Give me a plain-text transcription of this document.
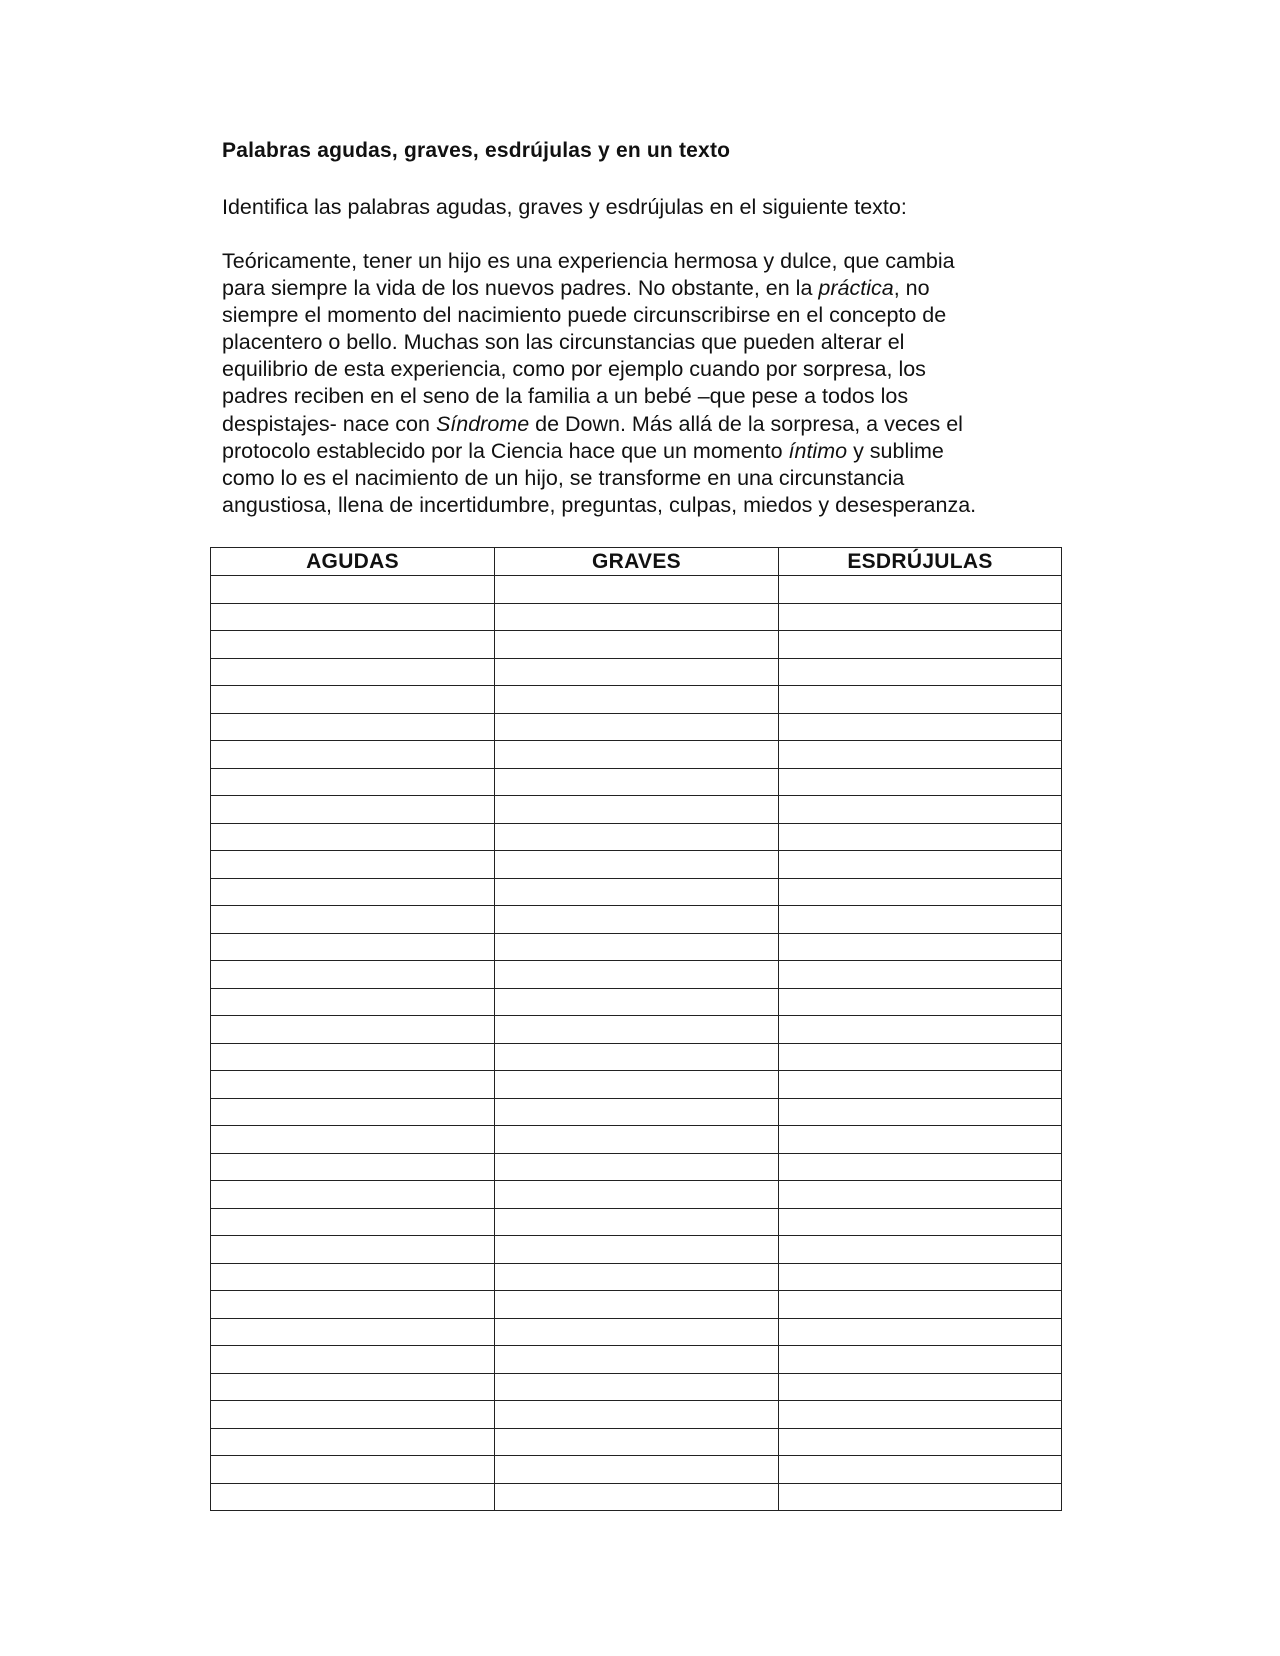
Palabras agudas, graves, esdrújulas y en un texto
Identifica las palabras agudas, graves y esdrújulas en el siguiente texto:
Teóricamente, tener un hijo es una experiencia hermosa y dulce, que cambia
para siempre la vida de los nuevos padres. No obstante, en la práctica, no
siempre el momento del nacimiento puede circunscribirse en el concepto de
placentero o bello. Muchas son las circunstancias que pueden alterar el
equilibrio de esta experiencia, como por ejemplo cuando por sorpresa, los
padres reciben en el seno de la familia a un bebé –que pese a todos los
despistajes- nace con Síndrome de Down. Más allá de la sorpresa, a veces el
protocolo establecido por la Ciencia hace que un momento íntimo y sublime
como lo es el nacimiento de un hijo, se transforme en una circunstancia
angustiosa, llena de incertidumbre, preguntas, culpas, miedos y desesperanza.
AGUDAS	GRAVES	ESDRÚJULAS
